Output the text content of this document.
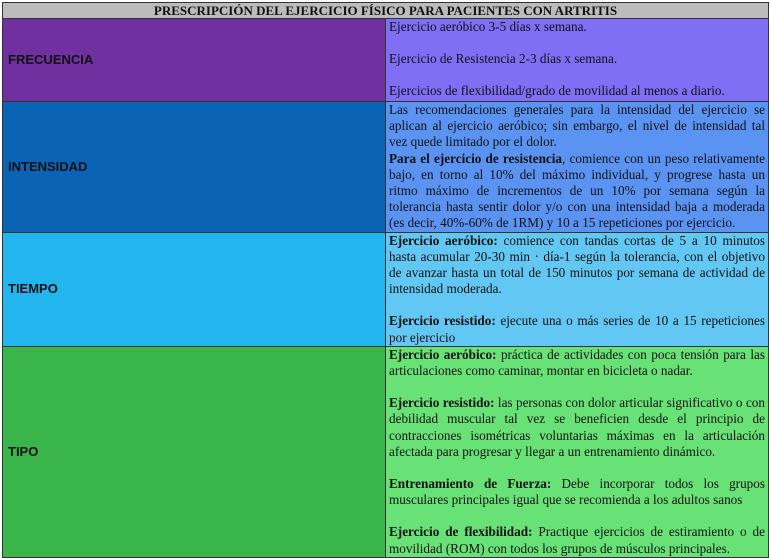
PRESCRIPCIÓN DEL EJERCICIO FÍSICO PARA PACIENTES CON ARTRITIS	
FRECUENCIA	Ejercicio aeróbico 3-5 días x semana.
Ejercicio de Resistencia 2-3 días x semana.
Ejercicios de flexibilidad/grado de movilidad al menos a diario.

INTENSIDAD	Las recomendaciones generales para la intensidad del ejercicio se aplican al ejercicio aeróbico; sin embargo, el nivel de intensidad tal vez quede limitado por el dolor.
Para el ejercicio de resistencia, comience con un peso relativamente bajo, en torno al 10% del máximo individual, y progrese hasta un ritmo máximo de incrementos de un 10% por semana según la tolerancia hasta sentir dolor y/o con una intensidad baja a moderada (es decir, 40%-60% de 1RM) y 10 a 15 repeticiones por ejercicio.

TIEMPO	Ejercicio aeróbico: comience con tandas cortas de 5 a 10 minutos hasta acumular 20-30 min · día-1 según la tolerancia, con el objetivo de avanzar hasta un total de 150 minutos por semana de actividad de intensidad moderada.
Ejercicio resistido: ejecute una o más series de 10 a 15 repeticiones por ejercicio

TIPO	Ejercicio aeróbico: práctica de actividades con poca tensión para las articulaciones como caminar, montar en bicicleta o nadar.
Ejercicio resistido: las personas con dolor articular significativo o con debilidad muscular tal vez se beneficien desde el principio de contracciones isométricas voluntarias máximas en la articulación afectada para progresar y llegar a un entrenamiento dinámico.
Entrenamiento de Fuerza: Debe incorporar todos los grupos musculares principales igual que se recomienda a los adultos sanos
Ejercicio de flexibilidad: Practique ejercicios de estiramiento o de movilidad (ROM) con todos los grupos de músculos principales.
